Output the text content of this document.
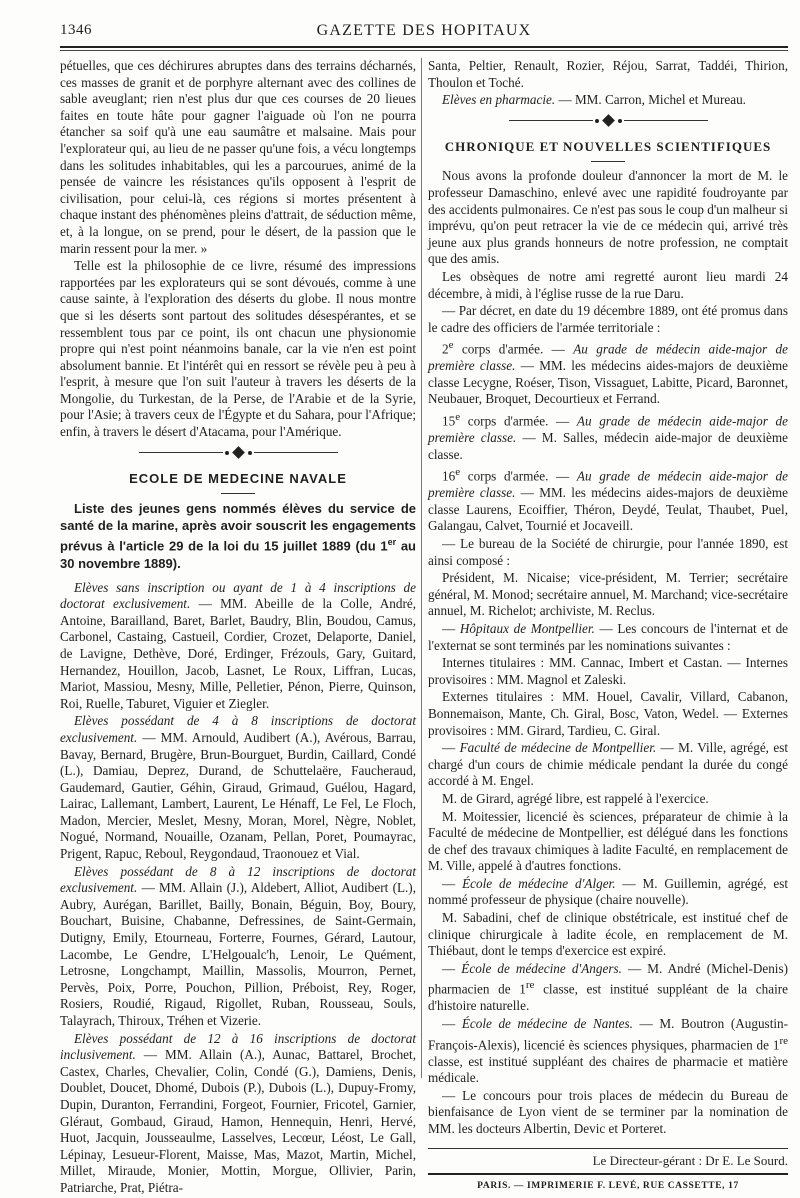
1346	GAZETTE DES HOPITAUX

pétuelles, que ces déchirures abruptes dans des terrains décharnés, ces masses de granit et de porphyre alternant avec des collines de sable aveuglant; rien n'est plus dur que ces courses de 20 lieues faites en toute hâte pour gagner l'aiguade où l'on ne pourra étancher sa soif qu'à une eau saumâtre et malsaine. Mais pour l'explorateur qui, au lieu de ne passer qu'une fois, a vécu longtemps dans les solitudes inhabitables, qui les a parcourues, animé de la pensée de vaincre les résistances qu'ils opposent à l'esprit de civilisation, pour celui-là, ces régions si mortes présentent à chaque instant des phénomènes pleins d'attrait, de séduction même, et, à la longue, on se prend, pour le désert, de la passion que le marin ressent pour la mer. »

Telle est la philosophie de ce livre, résumé des impressions rapportées par les explorateurs qui se sont dévoués, comme à une cause sainte, à l'exploration des déserts du globe. Il nous montre que si les déserts sont partout des solitudes désespérantes, et se ressemblent tous par ce point, ils ont chacun une physionomie propre qui n'est point néanmoins banale, car la vie n'en est point absolument bannie. Et l'intérêt qui en ressort se révèle peu à peu à l'esprit, à mesure que l'on suit l'auteur à travers les déserts de la Mongolie, du Turkestan, de la Perse, de l'Arabie et de la Syrie, pour l'Asie; à travers ceux de l'Égypte et du Sahara, pour l'Afrique; enfin, à travers le désert d'Atacama, pour l'Amérique.

ECOLE DE MEDECINE NAVALE
Liste des jeunes gens nommés élèves du service de santé de la marine, après avoir souscrit les engagements prévus à l'article 29 de la loi du 15 juillet 1889 (du 1er au 30 novembre 1889).

Elèves sans inscription ou ayant de 1 à 4 inscriptions de doctorat exclusivement. — MM. Abeille de la Colle, André, Antoine, Barailland, Baret, Barlet, Baudry, Blin, Boudou, Camus, Carbonel, Castaing, Castueil, Cordier, Crozet, Delaporte, Daniel, de Lavigne, Dethève, Doré, Erdinger, Frézouls, Gary, Guitard, Hernandez, Houillon, Jacob, Lasnet, Le Roux, Liffran, Lucas, Mariot, Massiou, Mesny, Mille, Pelletier, Pénon, Pierre, Quinson, Roi, Ruelle, Taburet, Viguier et Ziegler.

Elèves possédant de 4 à 8 inscriptions de doctorat exclusivement. — MM. Arnould, Audibert (A.), Avérous, Barrau, Bavay, Bernard, Brugère, Brun-Bourguet, Burdin, Caillard, Condé (L.), Damiau, Deprez, Durand, de Schuttelaëre, Faucheraud, Gaudemard, Gautier, Géhin, Giraud, Grimaud, Guélou, Hagard, Lairac, Lallemant, Lambert, Laurent, Le Hénaff, Le Fel, Le Floch, Madon, Mercier, Meslet, Mesny, Moran, Morel, Nègre, Noblet, Nogué, Normand, Nouaille, Ozanam, Pellan, Poret, Poumayrac, Prigent, Rapuc, Reboul, Reygondaud, Traonouez et Vial.

Elèves possédant de 8 à 12 inscriptions de doctorat exclusivement. — MM. Allain (J.), Aldebert, Alliot, Audibert (L.), Aubry, Aurégan, Barillet, Bailly, Bonain, Béguin, Boy, Boury, Bouchart, Buisine, Chabanne, Defressines, de Saint-Germain, Dutigny, Emily, Etourneau, Forterre, Fournes, Gérard, Lautour, Lacombe, Le Gendre, L'Helgoualc'h, Lenoir, Le Quément, Letrosne, Longchampt, Maillin, Massolis, Mourron, Pernet, Pervès, Poix, Porre, Pouchon, Pillion, Préboist, Rey, Roger, Rosiers, Roudié, Rigaud, Rigollet, Ruban, Rousseau, Souls, Talayrach, Thiroux, Tréhen et Vizerie.

Elèves possédant de 12 à 16 inscriptions de doctorat inclusivement. — MM. Allain (A.), Aunac, Battarel, Brochet, Castex, Charles, Chevalier, Colin, Condé (G.), Damiens, Denis, Doublet, Doucet, Dhomé, Dubois (P.), Dubois (L.), Dupuy-Fromy, Dupin, Duranton, Ferrandini, Forgeot, Fournier, Fricotel, Garnier, Gléraut, Gombaud, Giraud, Hamon, Hennequin, Henri, Hervé, Huot, Jacquin, Jousseaulme, Lasselves, Lecœur, Léost, Le Gall, Lépinay, Lesueur-Florent, Maisse, Mas, Mazot, Martin, Michel, Millet, Miraude, Monier, Mottin, Morgue, Ollivier, Parin, Patriarche, Prat, Piétra-

Santa, Peltier, Renault, Rozier, Réjou, Sarrat, Taddéi, Thirion, Thoulon et Toché.

Elèves en pharmacie. — MM. Carron, Michel et Mureau.

CHRONIQUE ET NOUVELLES SCIENTIFIQUES

Nous avons la profonde douleur d'annoncer la mort de M. le professeur Damaschino, enlevé avec une rapidité foudroyante par des accidents pulmonaires. Ce n'est pas sous le coup d'un malheur si imprévu, qu'on peut retracer la vie de ce médecin qui, arrivé très jeune aux plus grands honneurs de notre profession, ne comptait que des amis.

Les obsèques de notre ami regretté auront lieu mardi 24 décembre, à midi, à l'église russe de la rue Daru.

— Par décret, en date du 19 décembre 1889, ont été promus dans le cadre des officiers de l'armée territoriale :

2e corps d'armée. — Au grade de médecin aide-major de première classe. — MM. les médecins aides-majors de deuxième classe Lecygne, Roéser, Tison, Vissaguet, Labitte, Picard, Baronnet, Neubauer, Broquet, Decourtieux et Ferrand.

15e corps d'armée. — Au grade de médecin aide-major de première classe. — M. Salles, médecin aide-major de deuxième classe.

16e corps d'armée. — Au grade de médecin aide-major de première classe. — MM. les médecins aides-majors de deuxième classe Laurens, Ecoiffier, Théron, Deydé, Teulat, Thaubet, Puel, Galangau, Calvet, Tournié et Jocaveill.

— Le bureau de la Société de chirurgie, pour l'année 1890, est ainsi composé :

Président, M. Nicaise; vice-président, M. Terrier; secrétaire général, M. Monod; secrétaire annuel, M. Marchand; vice-secrétaire annuel, M. Richelot; archiviste, M. Reclus.

— Hôpitaux de Montpellier. — Les concours de l'internat et de l'externat se sont terminés par les nominations suivantes :

Internes titulaires : MM. Cannac, Imbert et Castan. — Internes provisoires : MM. Magnol et Zaleski.

Externes titulaires : MM. Houel, Cavalir, Villard, Cabanon, Bonnemaison, Mante, Ch. Giral, Bosc, Vaton, Wedel. — Externes provisoires : MM. Girard, Tardieu, C. Giral.

— Faculté de médecine de Montpellier. — M. Ville, agrégé, est chargé d'un cours de chimie médicale pendant la durée du congé accordé à M. Engel.

M. de Girard, agrégé libre, est rappelé à l'exercice.

M. Moitessier, licencié ès sciences, préparateur de chimie à la Faculté de médecine de Montpellier, est délégué dans les fonctions de chef des travaux chimiques à ladite Faculté, en remplacement de M. Ville, appelé à d'autres fonctions.

— École de médecine d'Alger. — M. Guillemin, agrégé, est nommé professeur de physique (chaire nouvelle).

M. Sabadini, chef de clinique obstétricale, est institué chef de clinique chirurgicale à ladite école, en remplacement de M. Thiébaut, dont le temps d'exercice est expiré.

— École de médecine d'Angers. — M. André (Michel-Denis) pharmacien de 1re classe, est institué suppléant de la chaire d'histoire naturelle.

— École de médecine de Nantes. — M. Boutron (Augustin-François-Alexis), licencié ès sciences physiques, pharmacien de 1re classe, est institué suppléant des chaires de pharmacie et matière médicale.

— Le concours pour trois places de médecin du Bureau de bienfaisance de Lyon vient de se terminer par la nomination de MM. les docteurs Albertin, Devic et Porteret.

Le Directeur-gérant : Dr E. Le Sourd.

PARIS. — IMPRIMERIE F. LEVÉ, RUE CASSETTE, 17
